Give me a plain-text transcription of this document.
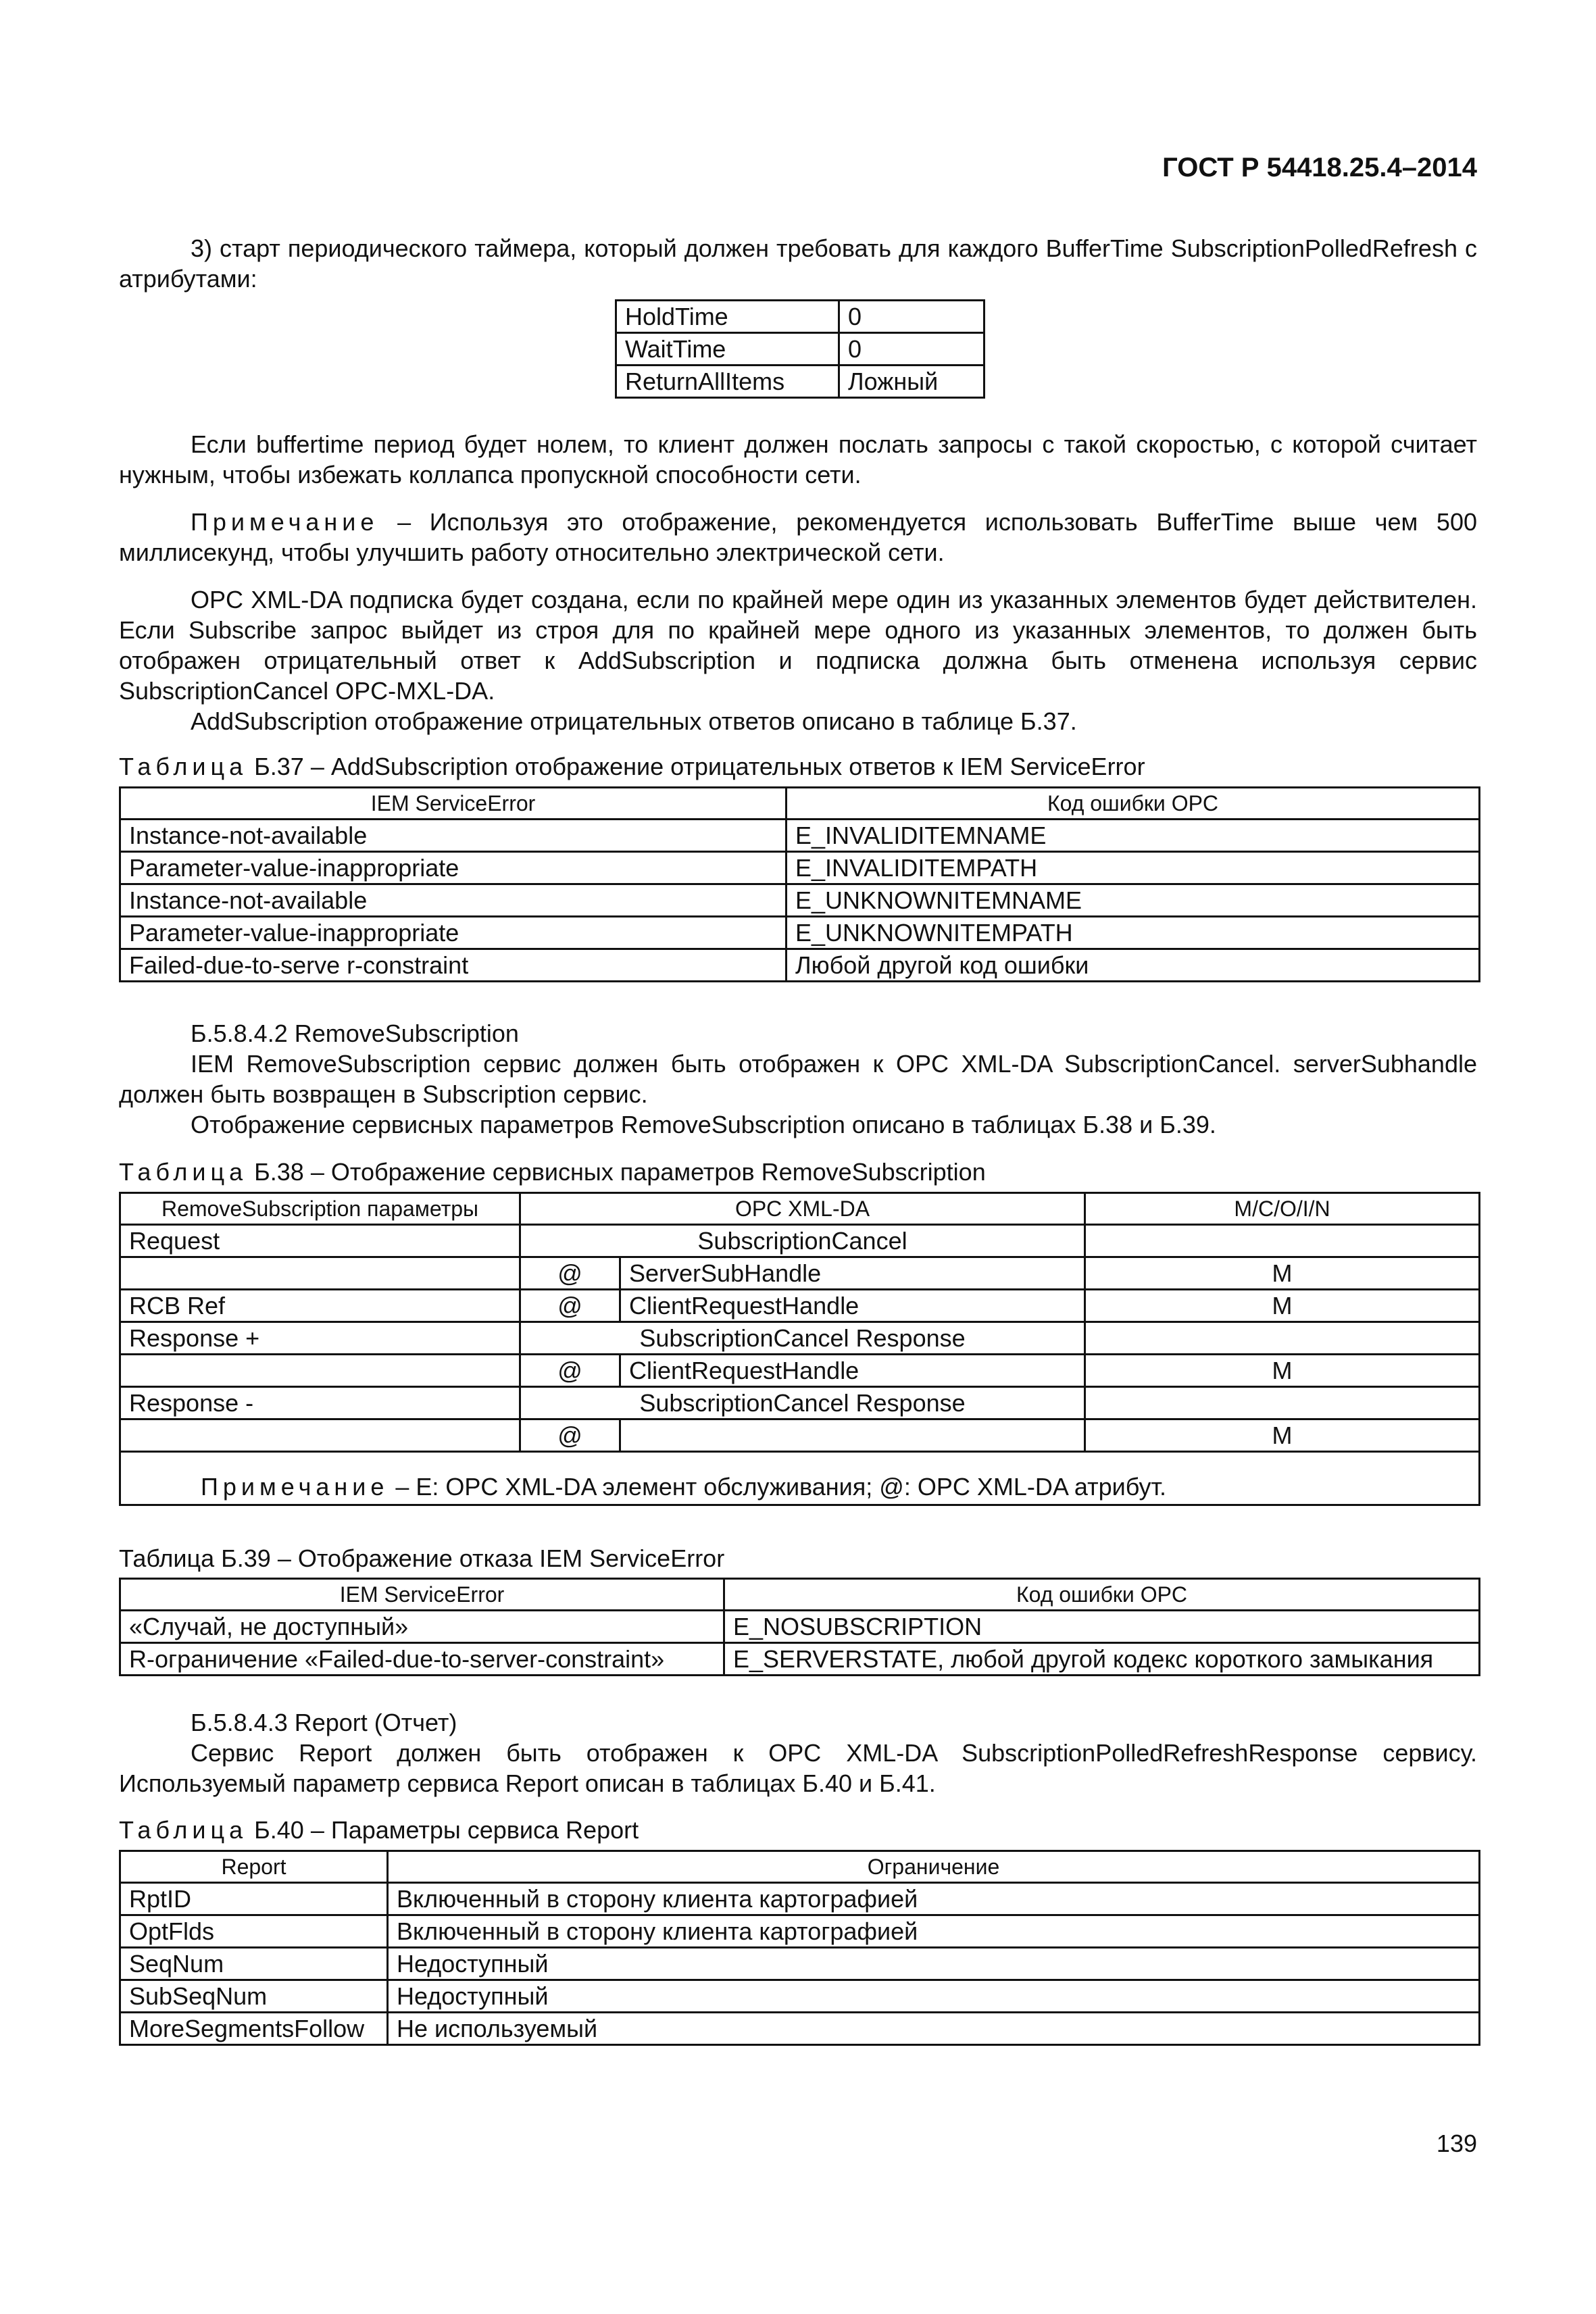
ГОСТ Р 54418.25.4–2014
3) старт периодического таймера, который должен требовать для каждого BufferTime SubscriptionPolledRefresh с атрибутами:
HoldTime	0
WaitTime	0
ReturnAllItems	Ложный
Если buffertime период будет нолем, то клиент должен послать запросы с такой скоростью, с которой считает нужным, чтобы избежать коллапса пропускной способности сети.
Примечание – Используя это отображение, рекомендуется использовать BufferTime выше чем 500 миллисекунд, чтобы улучшить работу относительно электрической сети.
OPC XML-DA подписка будет создана, если по крайней мере один из указанных элементов будет действителен. Если Subscribe запрос выйдет из строя для по крайней мере одного из указанных элементов, то должен быть отображен отрицательный ответ к AddSubscription и подписка должна быть отменена используя сервис SubscriptionCancel OPC-MXL-DA.
AddSubscription отображение отрицательных ответов описано в таблице Б.37.
Таблица Б.37 – AddSubscription отображение отрицательных ответов к IEM ServiceError
IEM ServiceError	Код ошибки OPC
Instance-not-available	E_INVALIDITEMNAME
Parameter-value-inappropriate	E_INVALIDITEMPATH
Instance-not-available	E_UNKNOWNITEMNAME
Parameter-value-inappropriate	E_UNKNOWNITEMPATH
Failed-due-to-serve r-constraint	Любой другой код ошибки
Б.5.8.4.2 RemoveSubscription
IEM RemoveSubscription сервис должен быть отображен к OPC XML-DA SubscriptionCancel. serverSubhandle должен быть возвращен в Subscription сервис.
Отображение сервисных параметров RemoveSubscription описано в таблицах Б.38 и Б.39.
Таблица Б.38 – Отображение сервисных параметров RemoveSubscription
RemoveSubscription параметры	OPC XML-DA		M/C/O/I/N
Request	SubscriptionCancel		
	@	ServerSubHandle	M
RCB Ref	@	ClientRequestHandle	M
Response +	SubscriptionCancel Response		
	@	ClientRequestHandle	M
Response -	SubscriptionCancel Response		
	@		M
Примечание – E: OPC XML-DA элемент обслуживания; @: OPC XML-DA атрибут.			
Таблица Б.39 – Отображение отказа IEM ServiceError
IEM ServiceError	Код ошибки OPC
«Случай, не доступный»	E_NOSUBSCRIPTION
R-ограничение «Failed-due-to-server-constraint»	E_SERVERSTATE, любой другой кодекс короткого замыкания
Б.5.8.4.3 Report (Отчет)
Сервис Report должен быть отображен к OPC XML-DA SubscriptionPolledRefreshResponse сервису. Используемый параметр сервиса Report описан в таблицах Б.40 и Б.41.
Таблица Б.40 – Параметры сервиса Report
Report	Ограничение
RptID	Включенный в сторону клиента картографией
OptFlds	Включенный в сторону клиента картографией
SeqNum	Недоступный
SubSeqNum	Недоступный
MoreSegmentsFollow	Не используемый
139
